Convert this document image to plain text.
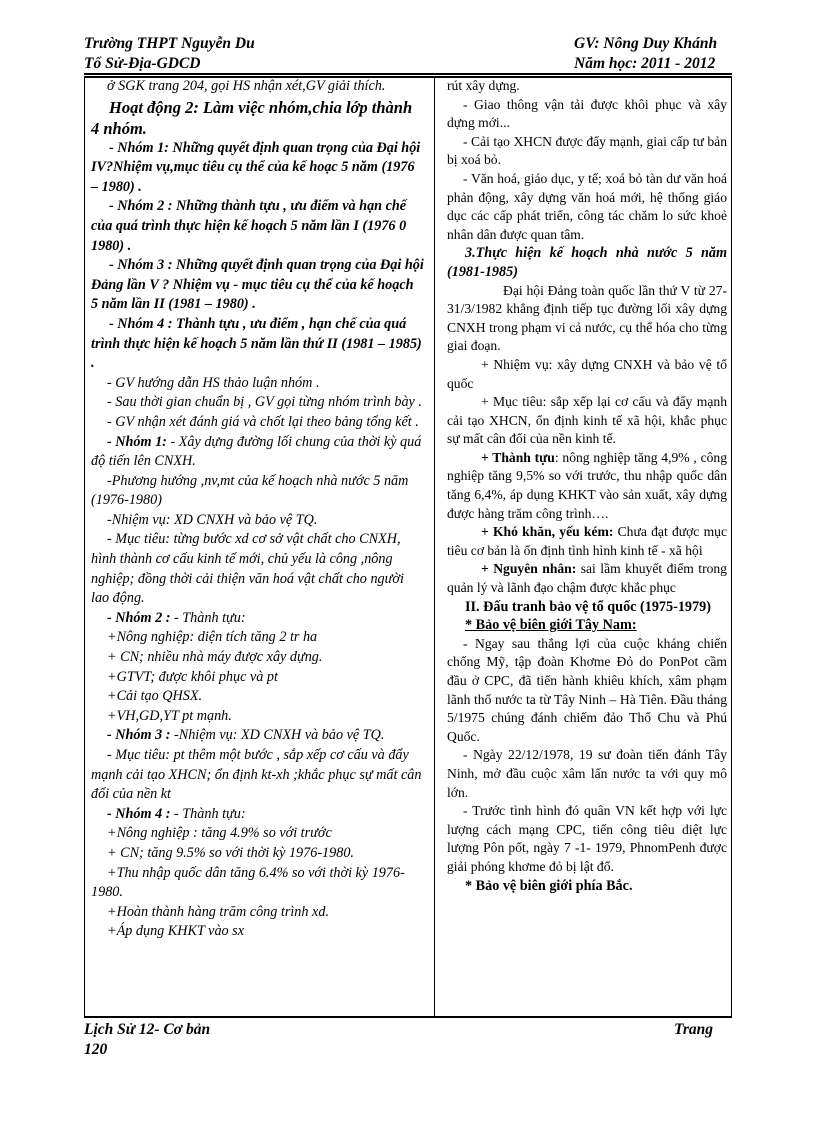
Trường THPT Nguyễn Du	GV: Nông Duy Khánh
Tổ Sử-Địa-GDCD	Năm học: 2011 - 2012

ở SGK trang 204, gọi HS nhận xét,GV giải thích.

Hoạt động 2: Làm việc nhóm,chia lớp thành 4 nhóm.

- Nhóm 1: Những quyết định quan trọng của Đại hội IV?Nhiệm vụ,mục tiêu cụ thể của kế hoạc 5 năm (1976 – 1980) .

- Nhóm 2 : Những thành tựu , ưu điểm và hạn chế của quá trình thực hiện kế hoạch 5 năm lần I (1976 0 1980) .

- Nhóm 3 : Những quyết định quan trọng của Đại hội Đảng lần V ? Nhiệm vụ - mục tiêu cụ thể của kế hoạch 5 năm lần II (1981 – 1980) .

- Nhóm 4 : Thành tựu , ưu điểm , hạn chế của quá trình thực hiện kế hoạch 5 năm lần thứ II (1981 – 1985) .

- GV hướng dẫn HS thảo luận nhóm .

- Sau thời gian chuẩn bị , GV gọi từng nhóm trình bày .

- GV nhận xét đánh giá và chốt lại theo bảng tổng kết .

- Nhóm 1: - Xây dựng đường lối chung của thời kỳ quá độ tiến lên CNXH.

-Phương hướng ,nv,mt của kế hoạch nhà nước 5 năm (1976-1980)

-Nhiệm vụ: XD CNXH và bảo vệ TQ.

- Mục tiêu: từng bước xd cơ sở vật chất cho CNXH, hình thành cơ cấu kinh tế mới, chủ yếu là công ,nông nghiệp; đồng thời cải thiện văn hoá vật chất cho người lao động.

- Nhóm 2 : - Thành tựu:

+Nông nghiệp: diện tích tăng 2 tr ha

+ CN; nhiều nhà máy được xây dựng.

+GTVT; được khôi phục và pt

+Cải tạo QHSX.

+VH,GD,YT pt mạnh.

- Nhóm 3 : -Nhiệm vụ: XD CNXH và bảo vệ TQ.

- Mục tiêu: pt thêm một bước , sắp xếp cơ cấu và đẩy mạnh cải tạo XHCN; ổn định kt-xh ;khắc phục sự mất cân đối của nền kt

- Nhóm 4 : - Thành tựu:

+Nông nghiệp : tăng 4.9% so với trước

+ CN; tăng 9.5% so với thời kỳ 1976-1980.

+Thu nhập quốc dân tăng 6.4% so với thời kỳ 1976-1980.

+Hoàn thành hàng trăm công trình xd.

+Áp dụng KHKT vào sx

rút xây dựng.

- Giao thông vận tải được khôi phục và xây dựng mới...

- Cải tạo XHCN được đẩy mạnh, giai cấp tư bản bị xoá bỏ.

- Văn hoá, giáo dục, y tế; xoá bỏ tàn dư văn hoá phản động, xây dựng văn hoá mới, hệ thống giáo dục các cấp phát triển, công tác chăm lo sức khoẻ nhân dân được quan tâm.

3.Thực hiện kế hoạch nhà nước 5 năm (1981-1985)

Đại hội Đảng toàn quốc lần thứ V từ 27-31/3/1982 khẳng định tiếp tục đường lối xây dựng CNXH trong phạm vi cả nước, cụ thể hóa cho từng giai đoạn.

+ Nhiệm vụ: xây dựng CNXH và bảo vệ tổ quốc

+ Mục tiêu: sắp xếp lại cơ cấu và đẩy mạnh cải tạo XHCN, ổn định kinh tế xã hội, khắc phục sự mất cân đối của nền kinh tế.

+ Thành tựu: nông nghiệp tăng 4,9% , công nghiệp tăng 9,5% so với trước, thu nhập quốc dân tăng 6,4%, áp dụng KHKT vào sản xuất, xây dựng được hàng trăm công trình….

+ Khó khăn, yếu kém: Chưa đạt được mục tiêu cơ bản là ổn định tình hình kinh tế - xã hội

+ Nguyên nhân: sai lầm khuyết điểm trong quản lý và lãnh đạo chậm được khắc phục

II. Đấu tranh bảo vệ tổ quốc (1975-1979)

* Bảo vệ biên giới Tây Nam:

- Ngay sau thắng lợi của cuộc kháng chiến chống Mỹ, tập đoàn Khơme Đỏ do PonPot cầm đầu ở CPC, đã tiến hành khiêu khích, xâm phạm lãnh thổ nước ta từ Tây Ninh – Hà Tiên. Đầu tháng 5/1975 chúng đánh chiếm đảo Thổ Chu và Phú Quốc.

- Ngày 22/12/1978, 19 sư đoàn tiến đánh Tây Ninh, mở đầu cuộc xâm lấn nước ta với quy mô lớn.

- Trước tình hình đó quân VN kết hợp với lực lượng cách mạng CPC, tiến công tiêu diệt lực lượng Pôn pốt, ngày 7 -1- 1979, PhnomPenh được giải phóng khơme đỏ bị lật đổ.

* Bảo vệ biên giới phía Bắc.

Lịch Sử 12- Cơ bản	Trang
120
